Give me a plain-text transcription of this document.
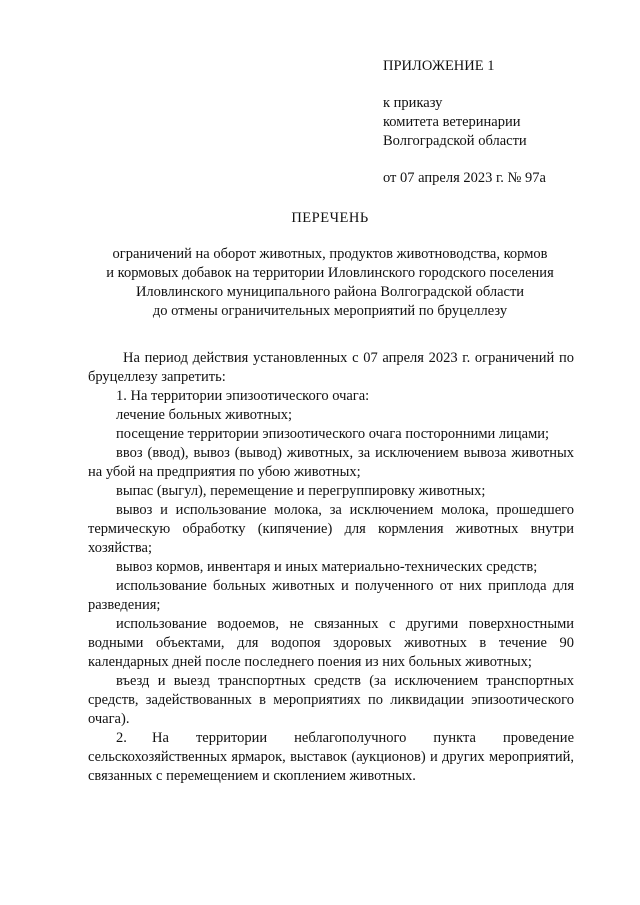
ПРИЛОЖЕНИЕ 1
к приказу
комитета ветеринарии
Волгоградской области
от 07 апреля 2023 г. № 97а
ПЕРЕЧЕНЬ
ограничений на оборот животных, продуктов животноводства, кормов
и кормовых добавок на территории Иловлинского городского поселения
Иловлинского муниципального района Волгоградской области
до отмены ограничительных мероприятий по бруцеллезу
На период действия установленных с 07 апреля 2023 г. ограничений по бруцеллезу запретить:
1. На территории эпизоотического очага:
лечение больных животных;
посещение территории эпизоотического очага посторонними лицами;
ввоз (ввод), вывоз (вывод) животных, за исключением вывоза животных на убой на предприятия по убою животных;
выпас (выгул), перемещение и перегруппировку животных;
вывоз и использование молока, за исключением молока, прошедшего термическую обработку (кипячение) для кормления животных внутри хозяйства;
вывоз кормов, инвентаря и иных материально-технических средств;
использование больных животных и полученного от них приплода для разведения;
использование водоемов, не связанных с другими поверхностными водными объектами, для водопоя здоровых животных в течение 90 календарных дней после последнего поения из них больных животных;
въезд и выезд транспортных средств (за исключением транспортных средств, задействованных в мероприятиях по ликвидации эпизоотического очага).
2. На территории неблагополучного пункта проведение сельскохозяйственных ярмарок, выставок (аукционов) и других мероприятий, связанных с перемещением и скоплением животных.
